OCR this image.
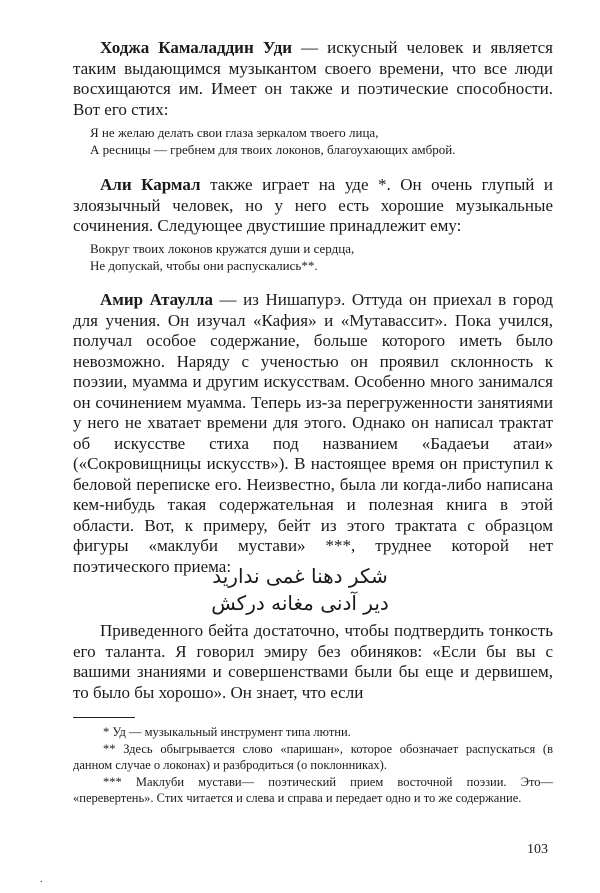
Ходжа Камаладдин Уди — искусный человек и является таким выдающимся музыкантом своего времени, что все люди восхищаются им. Имеет он также и поэтические способности. Вот его стих:

Я не желаю делать свои глаза зеркалом твоего лица,
А ресницы — гребнем для твоих локонов, благоухающих амброй.

Али Кармал также играет на уде *. Он очень глупый и злоязычный человек, но у него есть хорошие музыкальные сочинения. Следующее двустишие принадлежит ему:

Вокруг твоих локонов кружатся души и сердца,
Не допускай, чтобы они распускались**.

Амир Атаулла — из Нишапурэ. Оттуда он приехал в город для учения. Он изучал «Кафия» и «Мутавассит». Пока учился, получал особое содержание, больше которого иметь было невозможно. Наряду с ученостью он проявил склонность к поэзии, муамма и другим искусствам. Особенно много занимался он сочинением муамма. Теперь из-за перегруженности занятиями у него не хватает времени для этого. Однако он написал трактат об искусстве стиха под названием «Бадаеъи атаи» («Сокровищницы искусств»). В настоящее время он приступил к беловой переписке его. Неизвестно, была ли когда-либо написана кем-нибудь такая содержательная и полезная книга в этой области. Вот, к примеру, бейт из этого трактата с образцом фигуры «маклуби мустави» ***, труднее которой нет поэтического приема:

شكر دهنا غمى ندارید
دیر آدنی مغانه درکش

Приведенного бейта достаточно, чтобы подтвердить тонкость его таланта. Я говорил эмиру без обиняков: «Если бы вы с вашими знаниями и совершенствами были бы еще и дервишем, то было бы хорошо». Он знает, что если

* Уд — музыкальный инструмент типа лютни.

** Здесь обыгрывается слово «паришан», которое обозначает распускаться (в данном случае о локонах) и разбродиться (о поклонниках).

*** Маклуби мустави— поэтический прием восточной поэзии. Это— «перевертень». Стих читается и слева и справа и передает одно и то же содержание.

103
.
